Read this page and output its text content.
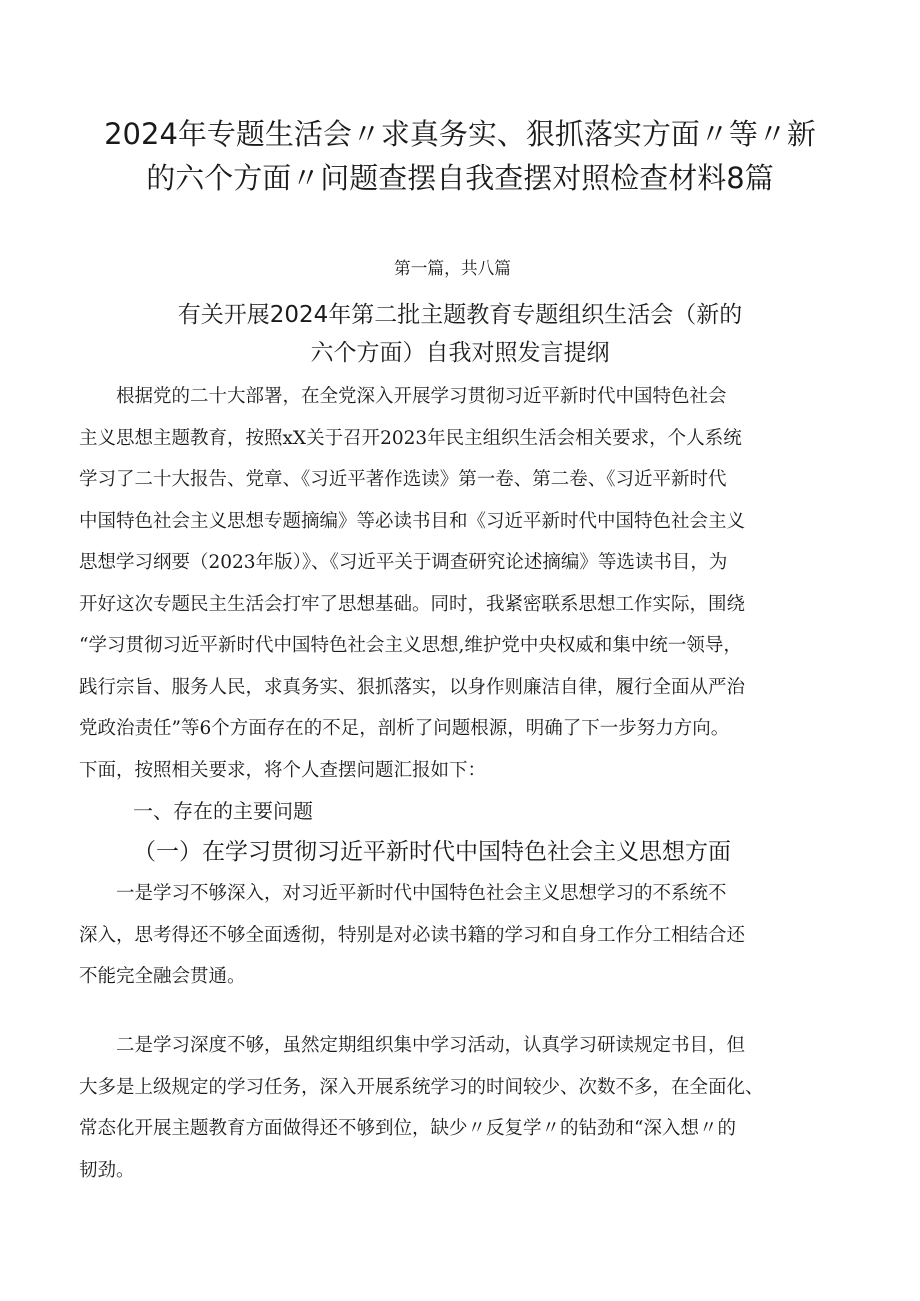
2024年专题生活会〃求真务实、狠抓落实方面〃等〃新
的六个方面〃问题查摆自我查摆对照检查材料8篇
第一篇，共八篇
有关开展2024年第二批主题教育专题组织生活会（新的
六个方面）自我对照发言提纲
　　根据党的二十大部署，在全党深入开展学习贯彻习近平新时代中国特色社会
主义思想主题教育，按照xX关于召开2023年民主组织生活会相关要求，个人系统
学习了二十大报告、党章、《习近平著作选读》第一卷、第二卷、《习近平新时代
中国特色社会主义思想专题摘编》等必读书目和《习近平新时代中国特色社会主义
思想学习纲要（2023年版）》、《习近平关于调查研究论述摘编》等选读书目，为
开好这次专题民主生活会打牢了思想基础。同时，我紧密联系思想工作实际，围绕
“学习贯彻习近平新时代中国特色社会主义思想,维护党中央权威和集中统一领导，
践行宗旨、服务人民，求真务实、狠抓落实，以身作则廉洁自律，履行全面从严治
党政治责任”等6个方面存在的不足，剖析了问题根源，明确了下一步努力方向。
下面，按照相关要求，将个人查摆问题汇报如下：
一、存在的主要问题
（一）在学习贯彻习近平新时代中国特色社会主义思想方面
　　一是学习不够深入，对习近平新时代中国特色社会主义思想学习的不系统不
深入，思考得还不够全面透彻，特别是对必读书籍的学习和自身工作分工相结合还
不能完全融会贯通。
　　二是学习深度不够，虽然定期组织集中学习活动，认真学习研读规定书目，但
大多是上级规定的学习任务，深入开展系统学习的时间较少、次数不多，在全面化、
常态化开展主题教育方面做得还不够到位，缺少〃反复学〃的钻劲和“深入想〃的
韧劲。
